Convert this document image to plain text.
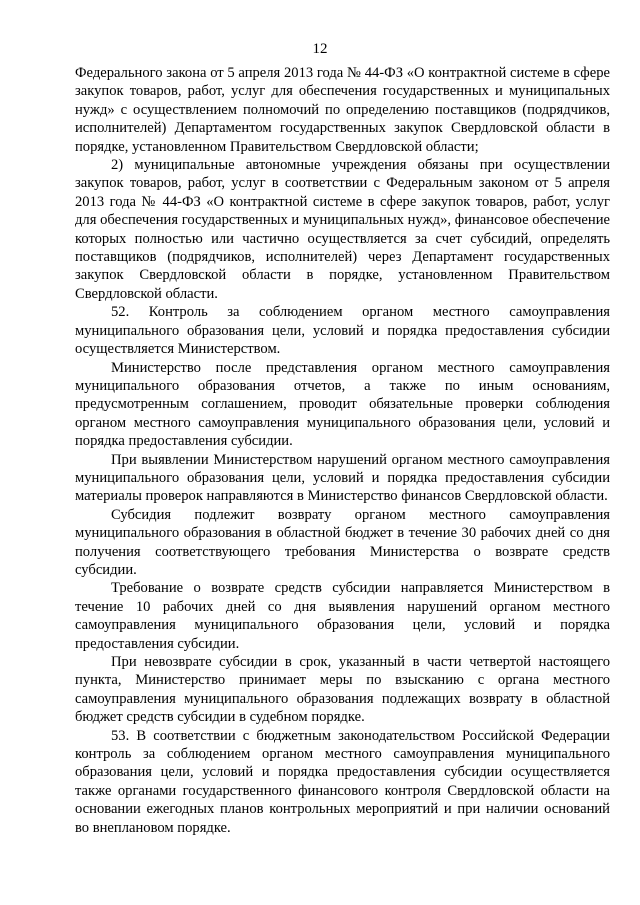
12

Федерального закона от 5 апреля 2013 года № 44-ФЗ «О контрактной системе в сфере закупок товаров, работ, услуг для обеспечения государственных и муниципальных нужд» с осуществлением полномочий по определению поставщиков (подрядчиков, исполнителей) Департаментом государственных закупок Свердловской области в порядке, установленном Правительством Свердловской области;

2) муниципальные автономные учреждения обязаны при осуществлении закупок товаров, работ, услуг в соответствии с Федеральным законом от 5 апреля 2013 года № 44-ФЗ «О контрактной системе в сфере закупок товаров, работ, услуг для обеспечения государственных и муниципальных нужд», финансовое обеспечение которых полностью или частично осуществляется за счет субсидий, определять поставщиков (подрядчиков, исполнителей) через Департамент государственных закупок Свердловской области в порядке, установленном Правительством Свердловской области.

52. Контроль за соблюдением органом местного самоуправления муниципального образования цели, условий и порядка предоставления субсидии осуществляется Министерством.

Министерство после представления органом местного самоуправления муниципального образования отчетов, а также по иным основаниям, предусмотренным соглашением, проводит обязательные проверки соблюдения органом местного самоуправления муниципального образования цели, условий и порядка предоставления субсидии.

При выявлении Министерством нарушений органом местного самоуправления муниципального образования цели, условий и порядка предоставления субсидии материалы проверок направляются в Министерство финансов Свердловской области.

Субсидия подлежит возврату органом местного самоуправления муниципального образования в областной бюджет в течение 30 рабочих дней со дня получения соответствующего требования Министерства о возврате средств субсидии.

Требование о возврате средств субсидии направляется Министерством в течение 10 рабочих дней со дня выявления нарушений органом местного самоуправления муниципального образования цели, условий и порядка предоставления субсидии.

При невозврате субсидии в срок, указанный в части четвертой настоящего пункта, Министерство принимает меры по взысканию с органа местного самоуправления муниципального образования подлежащих возврату в областной бюджет средств субсидии в судебном порядке.

53. В соответствии с бюджетным законодательством Российской Федерации контроль за соблюдением органом местного самоуправления муниципального образования цели, условий и порядка предоставления субсидии осуществляется также органами государственного финансового контроля Свердловской области на основании ежегодных планов контрольных мероприятий и при наличии оснований во внеплановом порядке.
